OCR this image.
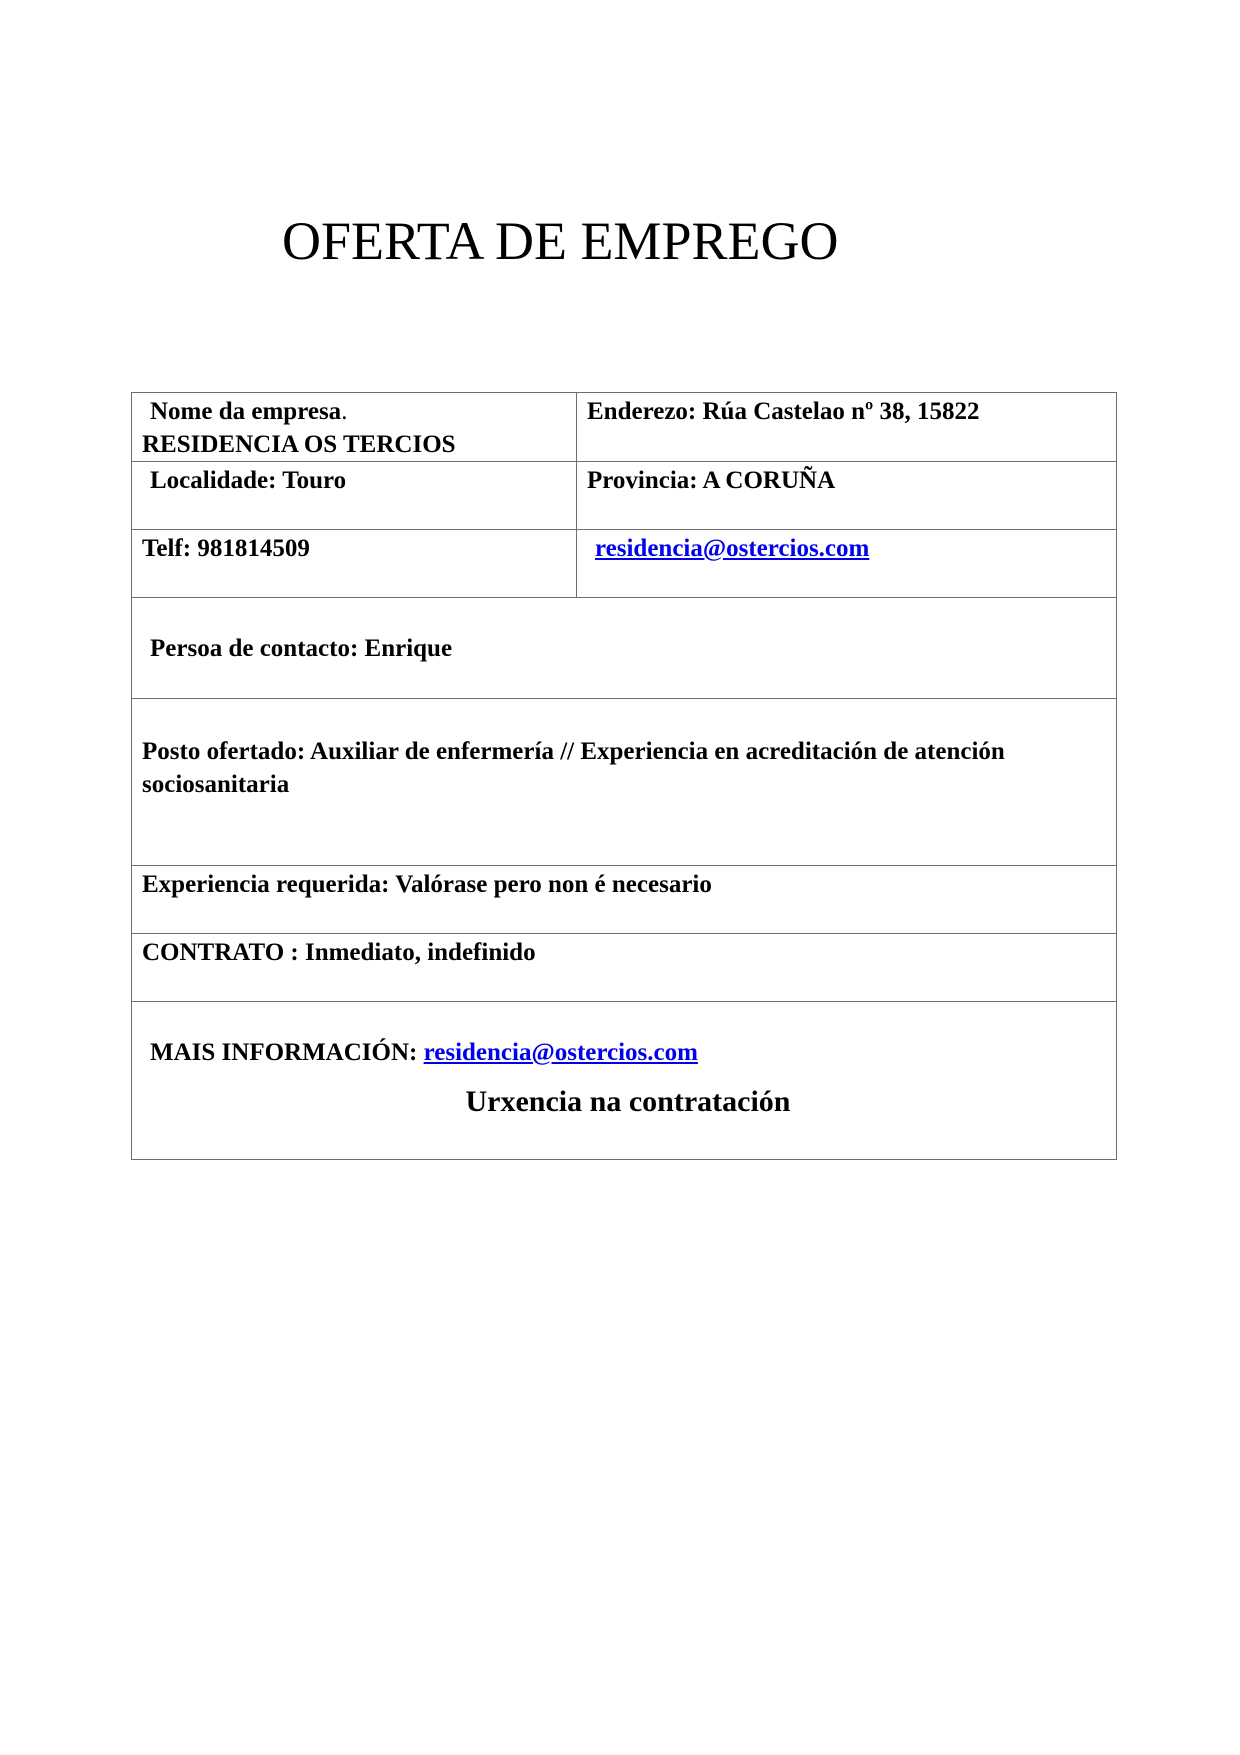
OFERTA DE EMPREGO
Nome da empresa.
RESIDENCIA OS TERCIOS	Enderezo: Rúa Castelao nº 38, 15822
Localidade: Touro	Provincia: A CORUÑA
Telf: 981814509	residencia@ostercios.com
Persoa de contacto: Enrique	
Posto ofertado: Auxiliar de enfermería // Experiencia en acreditación de atención sociosanitaria	
Experiencia requerida: Valórase pero non é necesario	
CONTRATO : Inmediato, indefinido	
MAIS INFORMACIÓN: residencia@ostercios.com
Urxencia na contratación	
